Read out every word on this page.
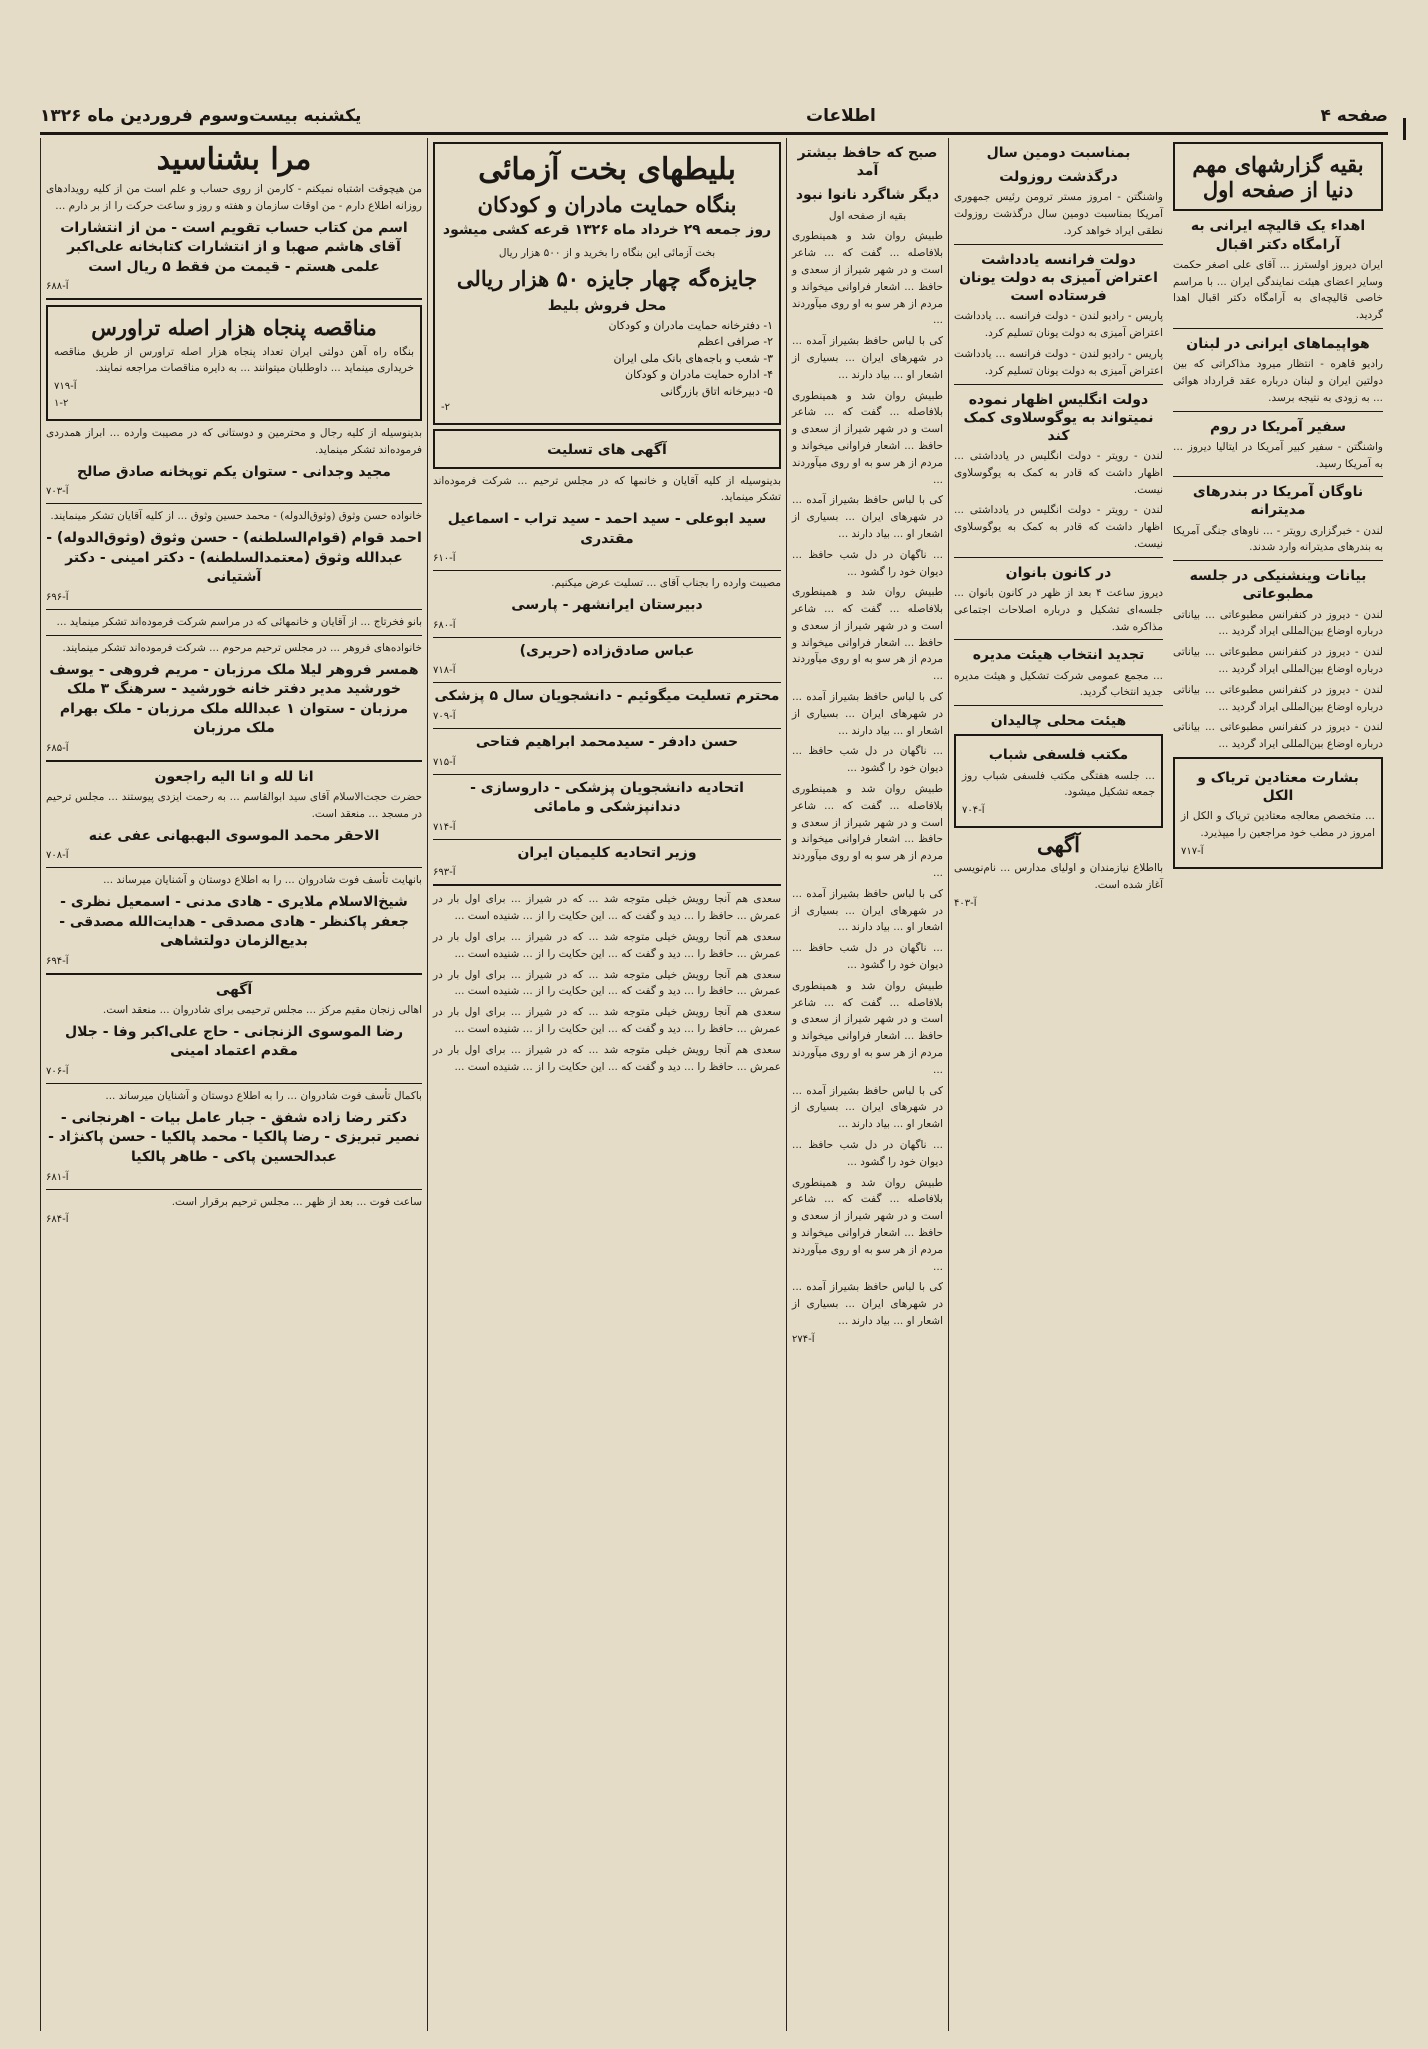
صفحه ۴
اطلاعات
یکشنبه بیست‌وسوم فروردین ماه ۱۳۲۶
بقیه گزارشهای مهم دنیا از صفحه اول
اهداء یک قالیچه ایرانی به آرامگاه دکتر اقبال

ایران دیروز اولسترز ... آقای علی اصغر حکمت وسایر اعضای هیئت نمایندگی ایران ... با مراسم خاصی قالیچه‌ای به آرامگاه دکتر اقبال اهدا گردید.

هواپیماهای ایرانی در لبنان

رادیو قاهره - انتظار میرود مذاکراتی که بین دولتین ایران و لبنان درباره عقد قرارداد هوائی ... به زودی به نتیجه برسد.

سفیر آمریکا در روم

واشنگتن - سفیر کبیر آمریکا در ایتالیا دیروز ... به آمریکا رسید.

ناوگان آمریکا در بندرهای مدیترانه

لندن - خبرگزاری رویتر - ... ناوهای جنگی آمریکا به بندرهای مدیترانه وارد شدند.

بیانات وینشنیکی در جلسه مطبوعاتی

لندن - دیروز در کنفرانس مطبوعاتی ... بیاناتی درباره اوضاع بین‌المللی ایراد گردید ...

لندن - دیروز در کنفرانس مطبوعاتی ... بیاناتی درباره اوضاع بین‌المللی ایراد گردید ...

لندن - دیروز در کنفرانس مطبوعاتی ... بیاناتی درباره اوضاع بین‌المللی ایراد گردید ...

لندن - دیروز در کنفرانس مطبوعاتی ... بیاناتی درباره اوضاع بین‌المللی ایراد گردید ...

بشارت معتادین تریاک و الکل

... متخصص معالجه معتادین تریاک و الکل از امروز در مطب خود مراجعین را میپذیرد.

آ-۷۱۷
بمناسبت دومین سال
درگذشت روزولت

واشنگتن - امروز مستر ترومن رئیس جمهوری آمریکا بمناسبت دومین سال درگذشت روزولت نطقی ایراد خواهد کرد.

دولت فرانسه یادداشت اعتراض آمیزی به دولت یونان فرستاده است

پاریس - رادیو لندن - دولت فرانسه ... یادداشت اعتراض آمیزی به دولت یونان تسلیم کرد.

پاریس - رادیو لندن - دولت فرانسه ... یادداشت اعتراض آمیزی به دولت یونان تسلیم کرد.

دولت انگلیس اظهار نموده نمیتواند به یوگوسلاوی کمک کند

لندن - رویتر - دولت انگلیس در یادداشتی ... اظهار داشت که قادر به کمک به یوگوسلاوی نیست.

لندن - رویتر - دولت انگلیس در یادداشتی ... اظهار داشت که قادر به کمک به یوگوسلاوی نیست.

در کانون بانوان

دیروز ساعت ۴ بعد از ظهر در کانون بانوان ... جلسه‌ای تشکیل و درباره اصلاحات اجتماعی مذاکره شد.

تجدید انتخاب هیئت مدیره

... مجمع عمومی شرکت تشکیل و هیئت مدیره جدید انتخاب گردید.

هیئت محلی چالیدان
مکتب فلسفی شباب

... جلسه هفتگی مکتب فلسفی شباب روز جمعه تشکیل میشود.

آ-۷۰۴
آگهی

بااطلاع نیازمندان و اولیای مدارس ... نام‌نویسی آغاز شده است.

آ-۴۰۳
صبح که حافظ بیشتر آمد
دیگر شاگرد نانوا نبود

بقیه از صفحه اول

طبیش روان شد و همینطوری بلافاصله ... گفت که ... شاعر است و در شهر شیراز از سعدی و حافظ ... اشعار فراوانی میخواند و مردم از هر سو به او روی میآوردند ...

کی با لباس حافظ بشیراز آمده ... در شهرهای ایران ... بسیاری از اشعار او ... بیاد دارند ...

طبیش روان شد و همینطوری بلافاصله ... گفت که ... شاعر است و در شهر شیراز از سعدی و حافظ ... اشعار فراوانی میخواند و مردم از هر سو به او روی میآوردند ...

کی با لباس حافظ بشیراز آمده ... در شهرهای ایران ... بسیاری از اشعار او ... بیاد دارند ...

... ناگهان در دل شب حافظ ... دیوان خود را گشود ...

طبیش روان شد و همینطوری بلافاصله ... گفت که ... شاعر است و در شهر شیراز از سعدی و حافظ ... اشعار فراوانی میخواند و مردم از هر سو به او روی میآوردند ...

کی با لباس حافظ بشیراز آمده ... در شهرهای ایران ... بسیاری از اشعار او ... بیاد دارند ...

... ناگهان در دل شب حافظ ... دیوان خود را گشود ...

طبیش روان شد و همینطوری بلافاصله ... گفت که ... شاعر است و در شهر شیراز از سعدی و حافظ ... اشعار فراوانی میخواند و مردم از هر سو به او روی میآوردند ...

کی با لباس حافظ بشیراز آمده ... در شهرهای ایران ... بسیاری از اشعار او ... بیاد دارند ...

... ناگهان در دل شب حافظ ... دیوان خود را گشود ...

طبیش روان شد و همینطوری بلافاصله ... گفت که ... شاعر است و در شهر شیراز از سعدی و حافظ ... اشعار فراوانی میخواند و مردم از هر سو به او روی میآوردند ...

کی با لباس حافظ بشیراز آمده ... در شهرهای ایران ... بسیاری از اشعار او ... بیاد دارند ...

... ناگهان در دل شب حافظ ... دیوان خود را گشود ...

طبیش روان شد و همینطوری بلافاصله ... گفت که ... شاعر است و در شهر شیراز از سعدی و حافظ ... اشعار فراوانی میخواند و مردم از هر سو به او روی میآوردند ...

کی با لباس حافظ بشیراز آمده ... در شهرهای ایران ... بسیاری از اشعار او ... بیاد دارند ...

آ-۲۷۴
بلیطهای بخت آزمائی
بنگاه حمایت مادران و کودکان
روز جمعه ۲۹ خرداد ماه ۱۳۲۶ قرعه کشی میشود

بخت آزمائی این بنگاه را بخرید و از ۵۰۰ هزار ریال

جایزه‌گه چهار جایزه ۵۰ هزار ریالی
محل فروش بلیط
۱- دفترخانه حمایت مادران و کودکان
۲- صرافی اعظم
۳- شعب و باجه‌های بانک ملی ایران
۴- اداره حمایت مادران و کودکان
۵- دبیرخانه اتاق بازرگانی
-۲
آگهی های تسلیت

بدینوسیله از کلیه آقایان و خانمها که در مجلس ترحیم ... شرکت فرموده‌اند تشکر مینماید.

سید ابوعلی - سید احمد - سید تراب - اسماعیل مقتدری
آ-۶۱۰

مصیبت وارده را بجناب آقای ... تسلیت عرض میکنیم.

دبیرستان ایرانشهر - پارسی
آ-۶۸۰
عباس صادق‌زاده (حریری)
آ-۷۱۸
محترم تسلیت میگوئیم - دانشجویان سال ۵ پزشکی
آ-۷۰۹
حسن دادفر - سیدمحمد ابراهیم فتاحی
آ-۷۱۵
اتحادیه دانشجویان پزشکی - داروسازی - دندانپزشکی و مامائی
آ-۷۱۴
وزیر اتحادیه کلیمیان ایران
آ-۶۹۳

سعدی هم آنجا رویش خیلی متوجه شد ... که در شیراز ... برای اول بار در عمرش ... حافظ را ... دید و گفت که ... این حکایت را از ... شنیده است ...

سعدی هم آنجا رویش خیلی متوجه شد ... که در شیراز ... برای اول بار در عمرش ... حافظ را ... دید و گفت که ... این حکایت را از ... شنیده است ...

سعدی هم آنجا رویش خیلی متوجه شد ... که در شیراز ... برای اول بار در عمرش ... حافظ را ... دید و گفت که ... این حکایت را از ... شنیده است ...

سعدی هم آنجا رویش خیلی متوجه شد ... که در شیراز ... برای اول بار در عمرش ... حافظ را ... دید و گفت که ... این حکایت را از ... شنیده است ...

سعدی هم آنجا رویش خیلی متوجه شد ... که در شیراز ... برای اول بار در عمرش ... حافظ را ... دید و گفت که ... این حکایت را از ... شنیده است ...

مرا بشناسید

من هیچوقت اشتباه نمیکنم - کارمن از روی حساب و علم است من از کلیه رویدادهای روزانه اطلاع دارم - من اوقات سازمان و هفته و روز و ساعت حرکت را از بر دارم ...

اسم من کتاب حساب تقویم است - من از انتشارات آقای هاشم صهبا و از انتشارات کتابخانه علی‌اکبر علمی هستم - قیمت من فقط ۵ ریال است
آ-۶۸۸
مناقصه پنجاه هزار اصله تراورس

بنگاه راه آهن دولتی ایران تعداد پنجاه هزار اصله تراورس از طریق مناقصه خریداری مینماید ... داوطلبان میتوانند ... به دایره مناقصات مراجعه نمایند.

آ-۷۱۹
۱-۲

بدینوسیله از کلیه رجال و محترمین و دوستانی که در مصیبت وارده ... ابراز همدردی فرموده‌اند تشکر مینماید.

مجید وجدانی - ستوان یکم توپخانه صادق صالح
آ-۷۰۳

خانواده حسن وثوق (وثوق‌الدوله) - محمد حسین وثوق ... از کلیه آقایان تشکر مینمایند.

احمد قوام (قوام‌السلطنه) - حسن وثوق (وثوق‌الدوله) - عبدالله وثوق (معتمدالسلطنه) - دکتر امینی - دکتر آشتیانی
آ-۶۹۶

بانو فخرتاج ... از آقایان و خانمهائی که در مراسم شرکت فرموده‌اند تشکر مینماید ...

خانواده‌های فروهر ... در مجلس ترحیم مرحوم ... شرکت فرموده‌اند تشکر مینمایند.

همسر فروهر لیلا ملک مرزبان - مریم فروهی - یوسف خورشید مدیر دفتر خانه خورشید - سرهنگ ۳ ملک مرزبان - ستوان ۱ عبدالله ملک مرزبان - ملک بهرام ملک مرزبان
آ-۶۸۵
انا لله و انا الیه راجعون

حضرت حجت‌الاسلام آقای سید ابوالقاسم ... به رحمت ایزدی پیوستند ... مجلس ترحیم در مسجد ... منعقد است.

الاحقر محمد الموسوی البهبهانی عفی عنه
آ-۷۰۸

بانهایت تأسف فوت شادروان ... را به اطلاع دوستان و آشنایان میرساند ...

شیخ‌الاسلام ملایری - هادی مدنی - اسمعیل نظری - جعفر پاکنظر - هادی مصدقی - هدایت‌الله مصدقی - بدیع‌الزمان دولتشاهی
آ-۶۹۴
آگهی

اهالی زنجان مقیم مرکز ... مجلس ترحیمی برای شادروان ... منعقد است.

رضا الموسوی الزنجانی - حاج علی‌اکبر وفا - جلال مقدم اعتماد امینی
آ-۷۰۶

باکمال تأسف فوت شادروان ... را به اطلاع دوستان و آشنایان میرساند ...

دکتر رضا زاده شفق - جبار عامل بیات - اهرنجانی - نصیر تبریزی - رضا پالکیا - محمد پالکیا - حسن پاکنژاد - عبدالحسین پاکی - طاهر پالکیا
آ-۶۸۱

ساعت فوت ... بعد از ظهر ... مجلس ترحیم برقرار است.

آ-۶۸۴
